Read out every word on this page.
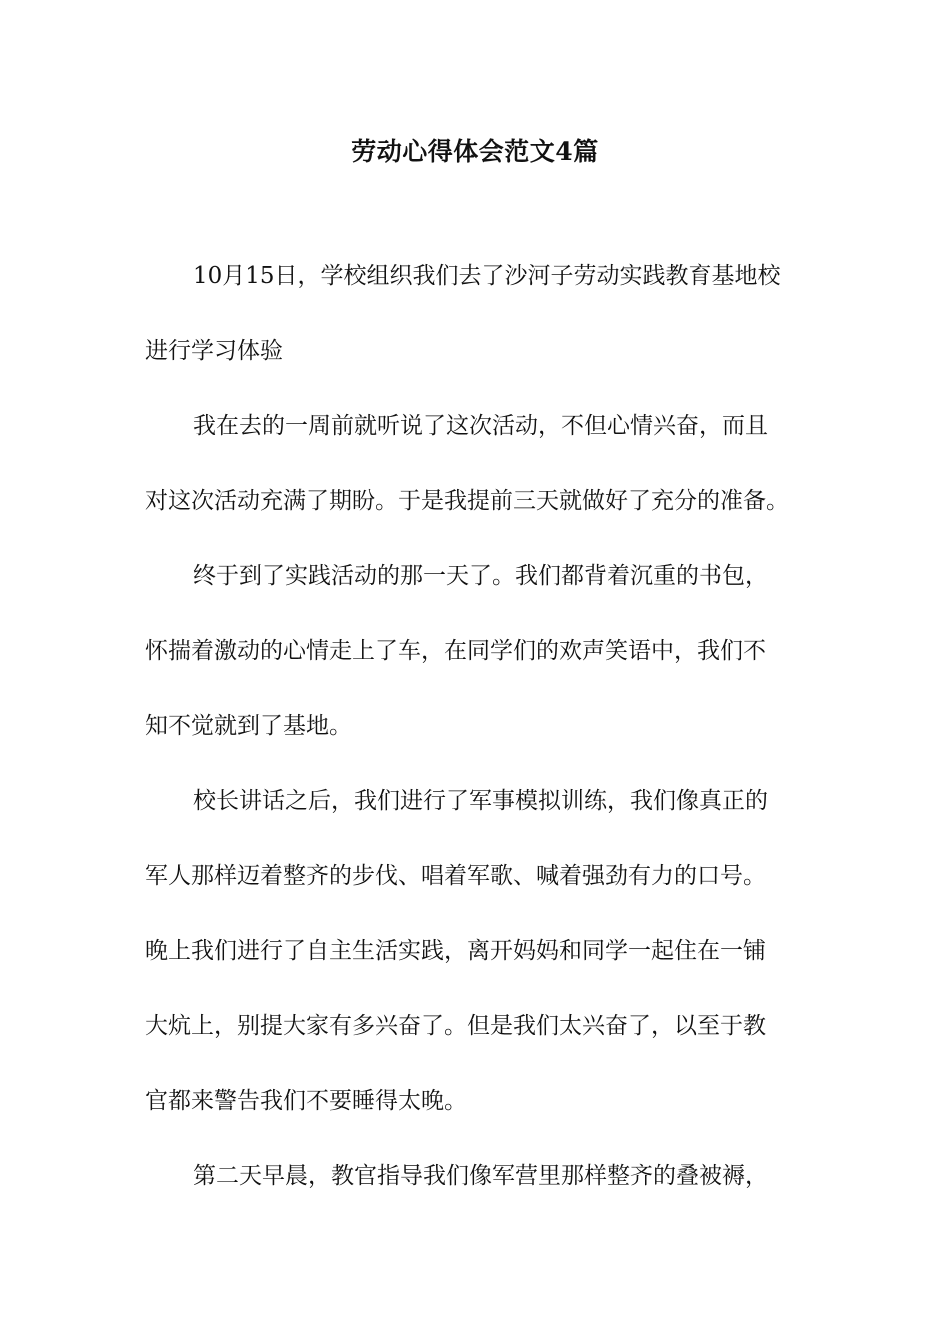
劳动心得体会范文4篇
10月15日，学校组织我们去了沙河子劳动实践教育基地校
进行学习体验
我在去的一周前就听说了这次活动，不但心情兴奋，而且
对这次活动充满了期盼。于是我提前三天就做好了充分的准备。
终于到了实践活动的那一天了。我们都背着沉重的书包，
怀揣着激动的心情走上了车，在同学们的欢声笑语中，我们不
知不觉就到了基地。
校长讲话之后，我们进行了军事模拟训练，我们像真正的
军人那样迈着整齐的步伐、唱着军歌、喊着强劲有力的口号。
晚上我们进行了自主生活实践，离开妈妈和同学一起住在一铺
大炕上，别提大家有多兴奋了。但是我们太兴奋了，以至于教
官都来警告我们不要睡得太晚。
第二天早晨，教官指导我们像军营里那样整齐的叠被褥，
